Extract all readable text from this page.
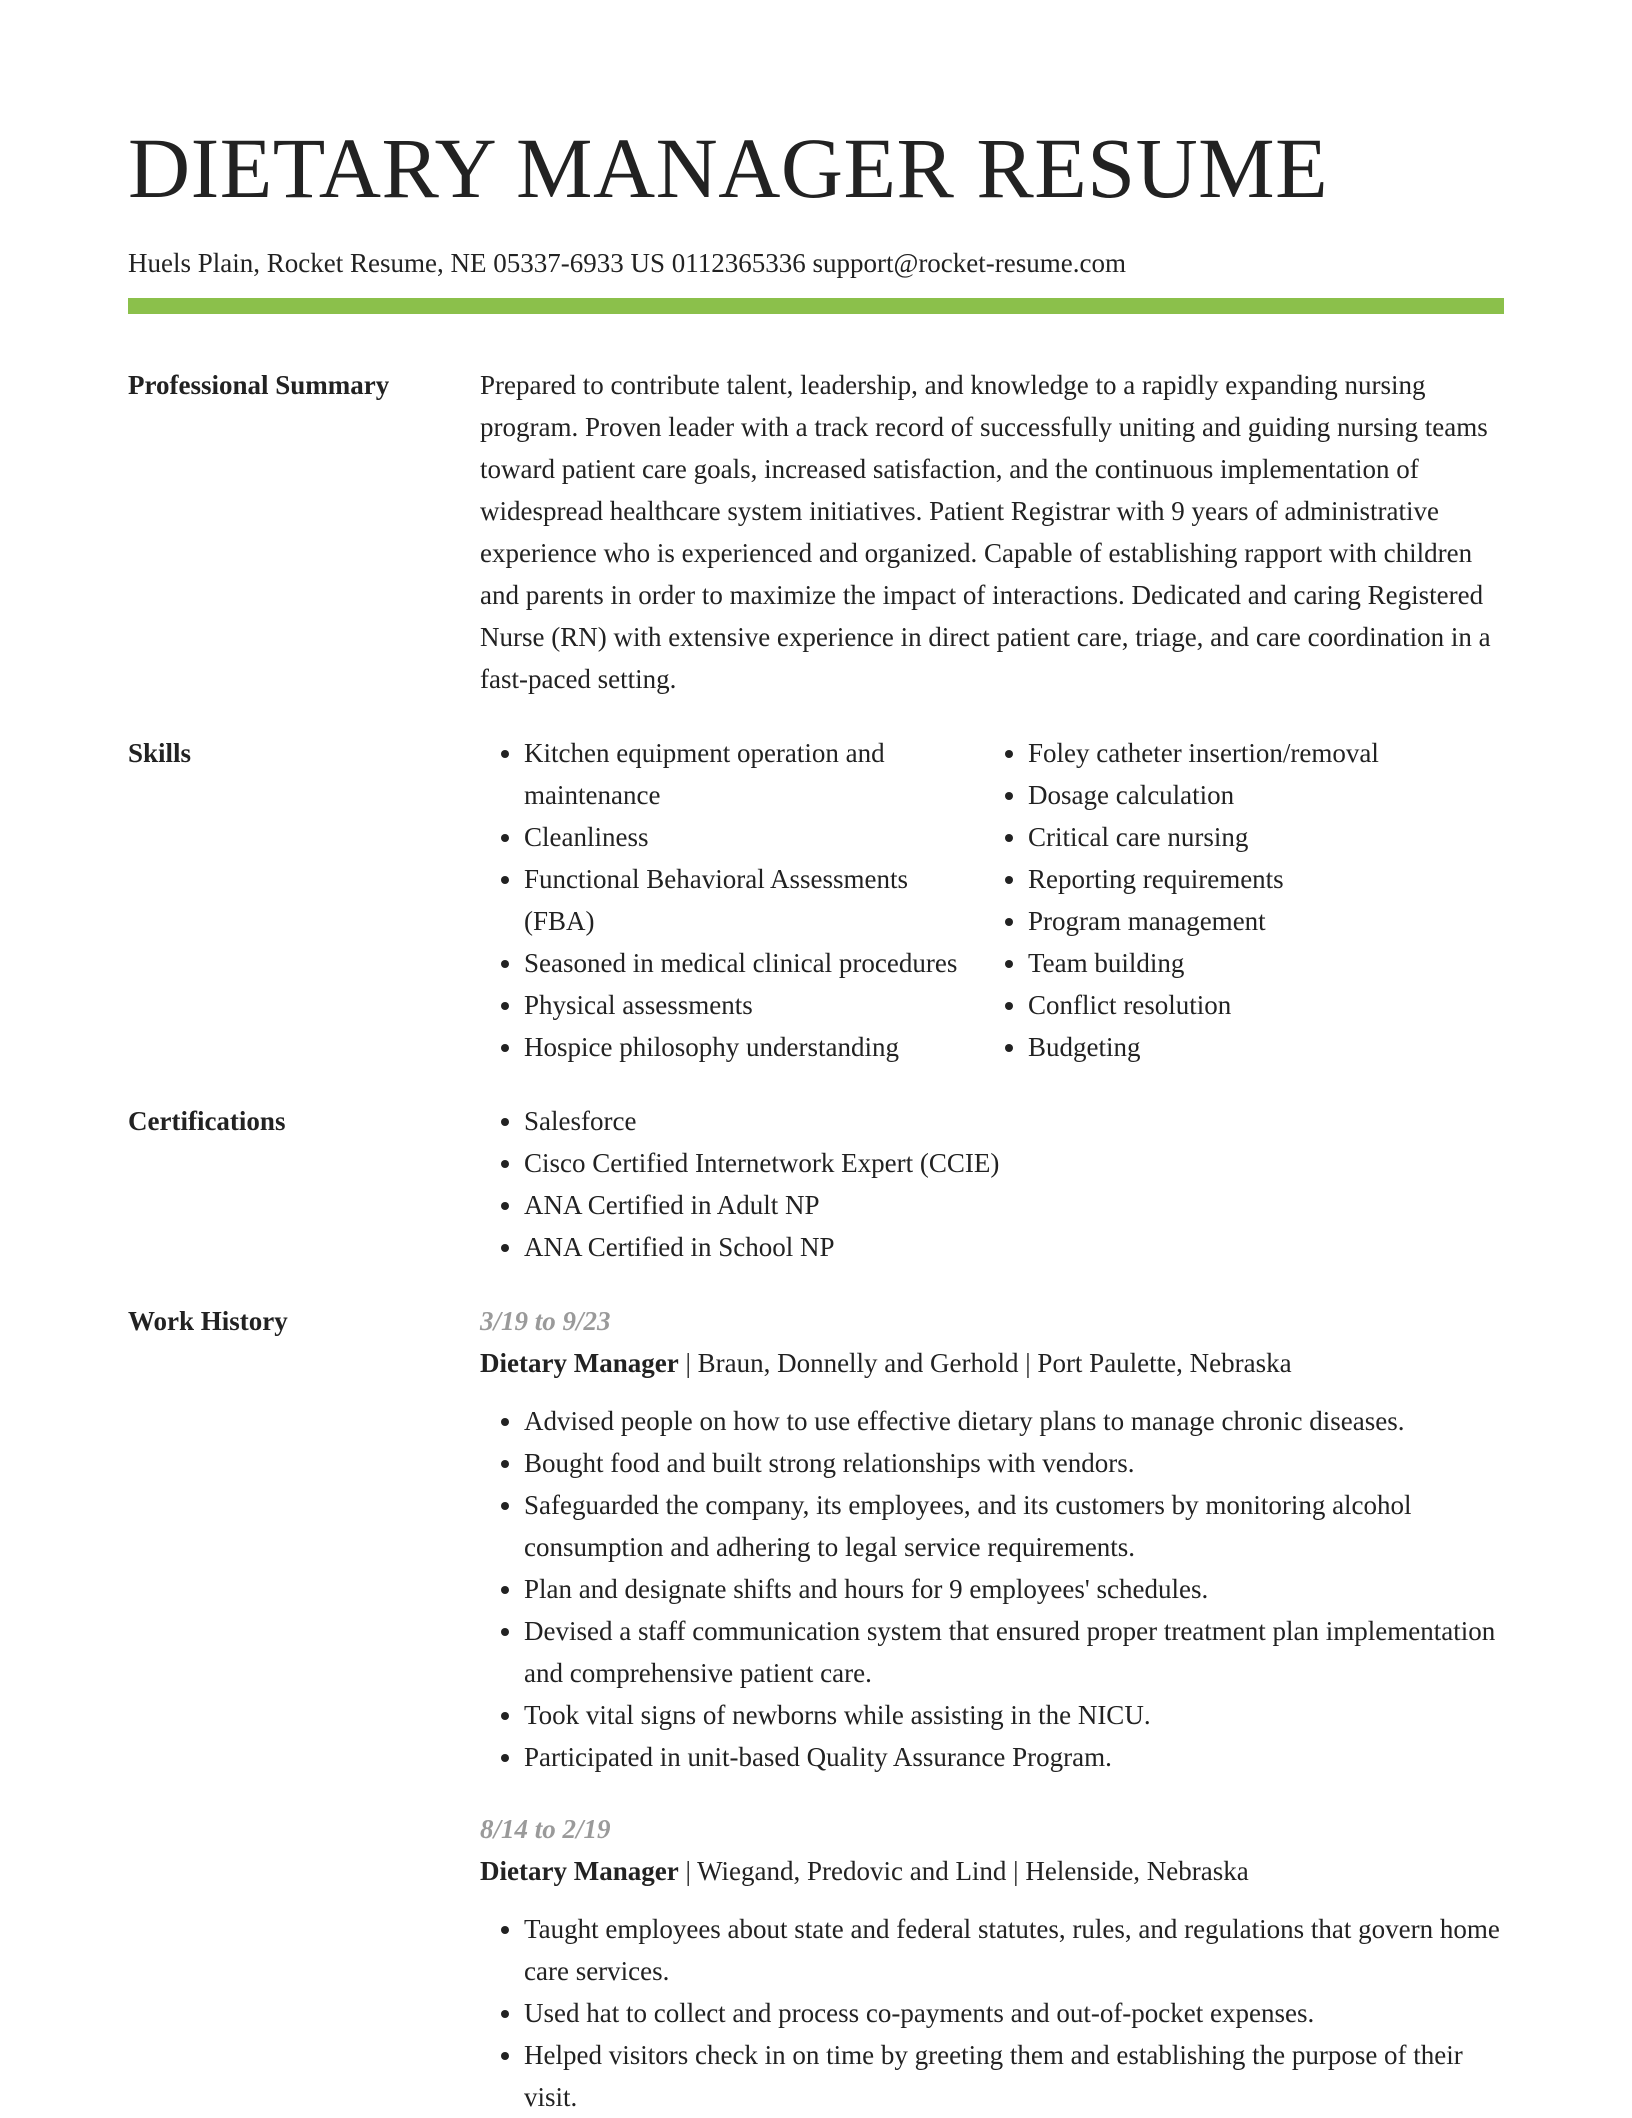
DIETARY MANAGER RESUME
Huels Plain, Rocket Resume, NE 05337-6933 US 0112365336 support@rocket-resume.com
Professional Summary	Prepared to contribute talent, leadership, and knowledge to a rapidly expanding nursing program. Proven leader with a track record of successfully uniting and guiding nursing teams toward patient care goals, increased satisfaction, and the continuous implementation of widespread healthcare system initiatives. Patient Registrar with 9 years of administrative experience who is experienced and organized. Capable of establishing rapport with children and parents in order to maximize the impact of interactions. Dedicated and caring Registered Nurse (RN) with extensive experience in direct patient care, triage, and care coordination in a fast-paced setting.

Skills	• Kitchen equipment operation and maintenance
• Cleanliness
• Functional Behavioral Assessments (FBA)
• Seasoned in medical clinical procedures
• Physical assessments
• Hospice philosophy understanding
• Foley catheter insertion/removal
• Dosage calculation
• Critical care nursing
• Reporting requirements
• Program management
• Team building
• Conflict resolution
• Budgeting
Certifications	• Salesforce
• Cisco Certified Internetwork Expert (CCIE)
• ANA Certified in Adult NP
• ANA Certified in School NP
Work History	3/19 to 9/23
Dietary Manager | Braun, Donnelly and Gerhold | Port Paulette, Nebraska
• Advised people on how to use effective dietary plans to manage chronic diseases.
• Bought food and built strong relationships with vendors.
• Safeguarded the company, its employees, and its customers by monitoring alcohol consumption and adhering to legal service requirements.
• Plan and designate shifts and hours for 9 employees' schedules.
• Devised a staff communication system that ensured proper treatment plan implementation and comprehensive patient care.
• Took vital signs of newborns while assisting in the NICU.
• Participated in unit-based Quality Assurance Program.
8/14 to 2/19
Dietary Manager | Wiegand, Predovic and Lind | Helenside, Nebraska
• Taught employees about state and federal statutes, rules, and regulations that govern home care services.
• Used hat to collect and process co-payments and out-of-pocket expenses.
• Helped visitors check in on time by greeting them and establishing the purpose of their visit.
